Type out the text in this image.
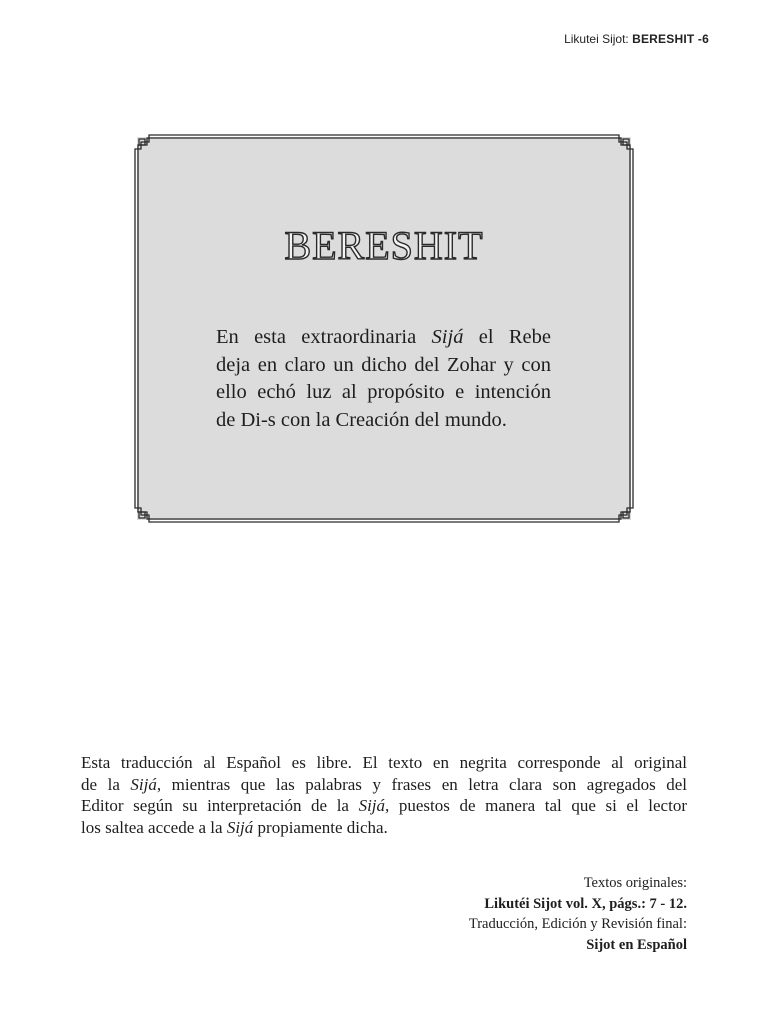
Likutei Sijot: BERESHIT -6
BERESHIT
En esta extraordinaria Sijá el Rebe
deja en claro un dicho del Zohar y con
ello echó luz al propósito e intención
de Di-s con la Creación del mundo.
Esta traducción al Español es libre. El texto en negrita corresponde al original
de la Sijá, mientras que las palabras y frases en letra clara son agregados del
Editor según su interpretación de la Sijá, puestos de manera tal que si el lector
los saltea accede a la Sijá propiamente dicha.
Textos originales:
Likutéi Sijot vol. X, págs.: 7 - 12.
Traducción, Edición y Revisión final:
Sijot en Español
